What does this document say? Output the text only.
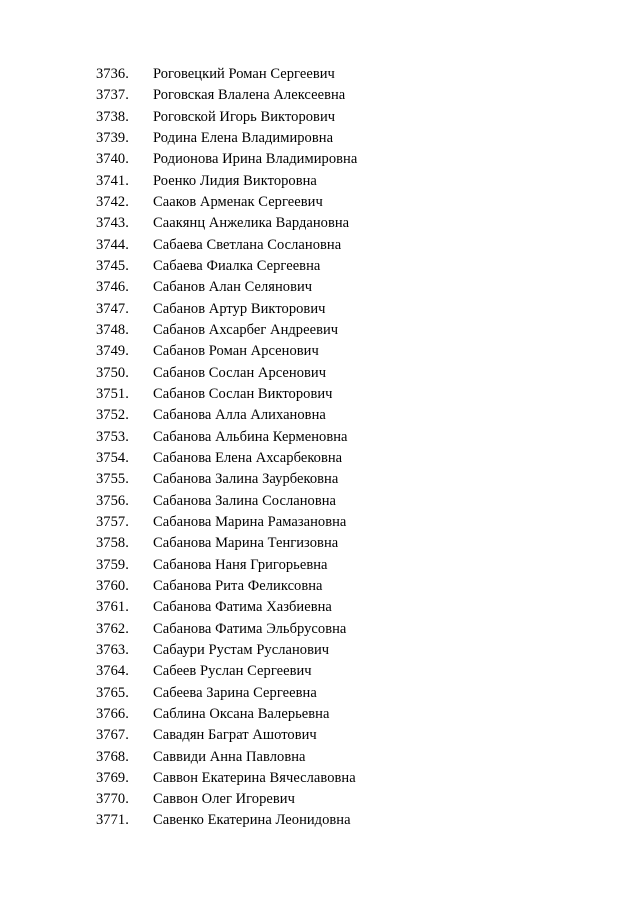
3736.	Роговецкий Роман Сергеевич
3737.	Роговская Влалена Алексеевна
3738.	Роговской Игорь Викторович
3739.	Родина Елена Владимировна
3740.	Родионова Ирина Владимировна
3741.	Роенко Лидия Викторовна
3742.	Сааков Арменак Сергеевич
3743.	Саакянц Анжелика Вардановна
3744.	Сабаева Светлана Сослановна
3745.	Сабаева Фиалка Сергеевна
3746.	Сабанов Алан Селянович
3747.	Сабанов Артур Викторович
3748.	Сабанов Ахсарбег Андреевич
3749.	Сабанов Роман Арсенович
3750.	Сабанов Сослан Арсенович
3751.	Сабанов Сослан Викторович
3752.	Сабанова Алла Алихановна
3753.	Сабанова Альбина Керменовна
3754.	Сабанова Елена Ахсарбековна
3755.	Сабанова Залина Заурбековна
3756.	Сабанова Залина Сослановна
3757.	Сабанова Марина Рамазановна
3758.	Сабанова Марина Тенгизовна
3759.	Сабанова Наня Григорьевна
3760.	Сабанова Рита Феликсовна
3761.	Сабанова Фатима Хазбиевна
3762.	Сабанова Фатима Эльбрусовна
3763.	Сабаури Рустам Русланович
3764.	Сабеев Руслан Сергеевич
3765.	Сабеева Зарина Сергеевна
3766.	Саблина Оксана Валерьевна
3767.	Савадян Баграт Ашотович
3768.	Саввиди Анна Павловна
3769.	Саввон Екатерина Вячеславовна
3770.	Саввон Олег Игоревич
3771.	Савенко Екатерина Леонидовна
